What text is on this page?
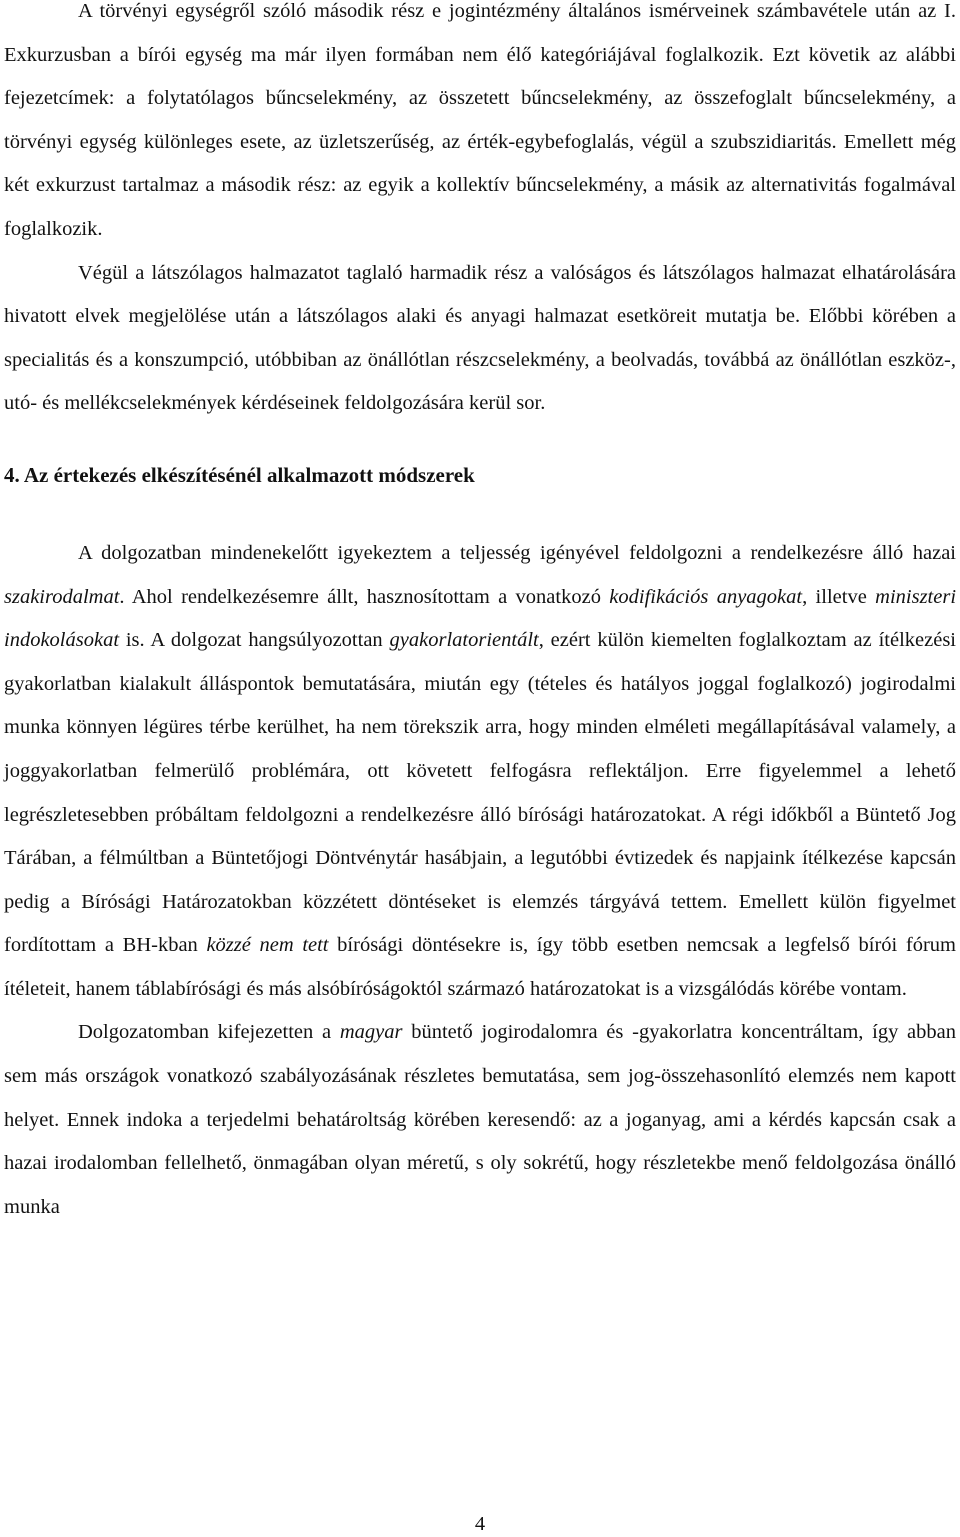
A törvényi egységről szóló második rész e jogintézmény általános ismérveinek számbavétele után az I. Exkurzusban a bírói egység ma már ilyen formában nem élő kategóriájával foglalkozik. Ezt követik az alábbi fejezetcímek: a folytatólagos bűncselekmény, az összetett bűncselekmény, az összefoglalt bűncselekmény, a törvényi egység különleges esete, az üzletszerűség, az érték-egybefoglalás, végül a szubszidiaritás. Emellett még két exkurzust tartalmaz a második rész: az egyik a kollektív bűncselekmény, a másik az alternativitás fogalmával foglalkozik.

Végül a látszólagos halmazatot taglaló harmadik rész a valóságos és látszólagos halmazat elhatárolására hivatott elvek megjelölése után a látszólagos alaki és anyagi halmazat esetköreit mutatja be. Előbbi körében a specialitás és a konszumpció, utóbbiban az önállótlan részcselekmény, a beolvadás, továbbá az önállótlan eszköz-, utó- és mellékcselekmények kérdéseinek feldolgozására kerül sor.

4. Az értekezés elkészítésénél alkalmazott módszerek

A dolgozatban mindenekelőtt igyekeztem a teljesség igényével feldolgozni a rendelkezésre álló hazai szakirodalmat. Ahol rendelkezésemre állt, hasznosítottam a vonatkozó kodifikációs anyagokat, illetve miniszteri indokolásokat is. A dolgozat hangsúlyozottan gyakorlatorientált, ezért külön kiemelten foglalkoztam az ítélkezési gyakorlatban kialakult álláspontok bemutatására, miután egy (tételes és hatályos joggal foglalkozó) jogirodalmi munka könnyen légüres térbe kerülhet, ha nem törekszik arra, hogy minden elméleti megállapításával valamely, a joggyakorlatban felmerülő problémára, ott követett felfogásra reflektáljon. Erre figyelemmel a lehető legrészletesebben próbáltam feldolgozni a rendelkezésre álló bírósági határozatokat. A régi időkből a Büntető Jog Tárában, a félmúltban a Büntetőjogi Döntvénytár hasábjain, a legutóbbi évtizedek és napjaink ítélkezése kapcsán pedig a Bírósági Határozatokban közzétett döntéseket is elemzés tárgyává tettem. Emellett külön figyelmet fordítottam a BH-kban közzé nem tett bírósági döntésekre is, így több esetben nemcsak a legfelső bírói fórum ítéleteit, hanem táblabírósági és más alsóbíróságoktól származó határozatokat is a vizsgálódás körébe vontam.

Dolgozatomban kifejezetten a magyar büntető jogirodalomra és -gyakorlatra koncentráltam, így abban sem más országok vonatkozó szabályozásának részletes bemutatása, sem jog-összehasonlító elemzés nem kapott helyet. Ennek indoka a terjedelmi behatároltság körében keresendő: az a joganyag, ami a kérdés kapcsán csak a hazai irodalomban fellelhető, önmagában olyan méretű, s oly sokrétű, hogy részletekbe menő feldolgozása önálló munka

4
